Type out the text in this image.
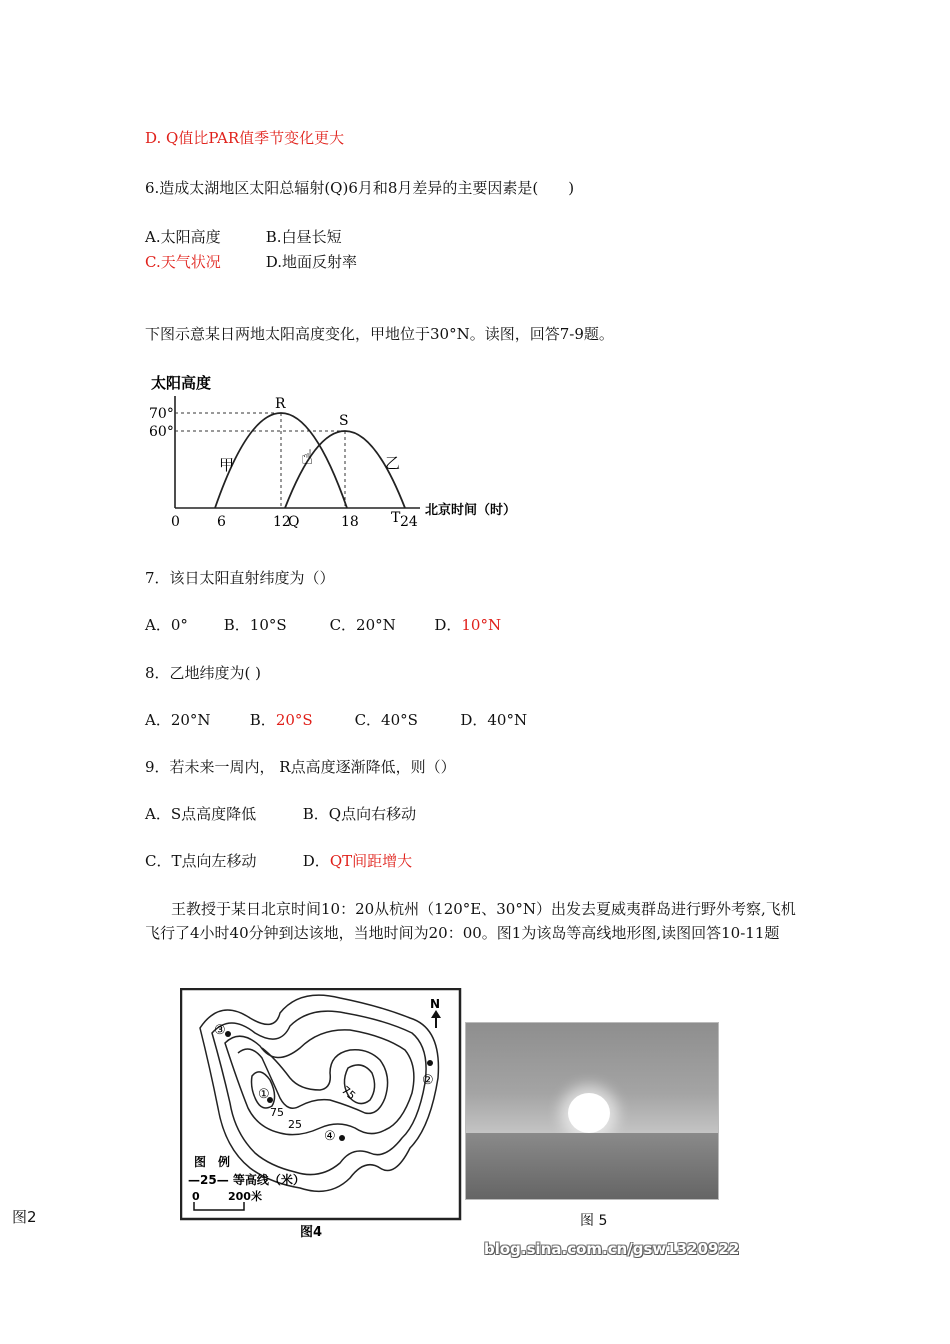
D. Q值比PAR值季节变化更大
6.造成太湖地区太阳总辐射(Q)6月和8月差异的主要因素是(　　)
A.太阳高度	B.白昼长短
C.天气状况	D.地面反射率
下图示意某日两地太阳高度变化，甲地位于30°N。读图，回答7-9题。
太阳高度
☝
70°
60°
R
S
甲	乙
0	6	12
Q	18 T 24
北京时间（时）
7．该日太阳直射纬度为（）
A．0° B．10°S	C．20°N	D．10°N
8．乙地纬度为( )
A．20°N	B．20°S	C．40°S	D．40°N
9．若未来一周内， R点高度逐渐降低，则（）
A．S点高度降低	B．Q点向右移动
C．T点向左移动	D．QT间距增大
王教授于某日北京时间10：20从杭州（120°E、30°N）出发去夏威夷群岛进行野外考察,飞机飞行了4小时40分钟到达该地，当地时间为20：00。图1为该岛等高线地形图,读图回答10-11题
图2
①
②
③
④
75
75
25
N
图　例
—25— 等高线（米）
0	200米
图4
图 5
blog.sina.com.cn/gsw1320922
